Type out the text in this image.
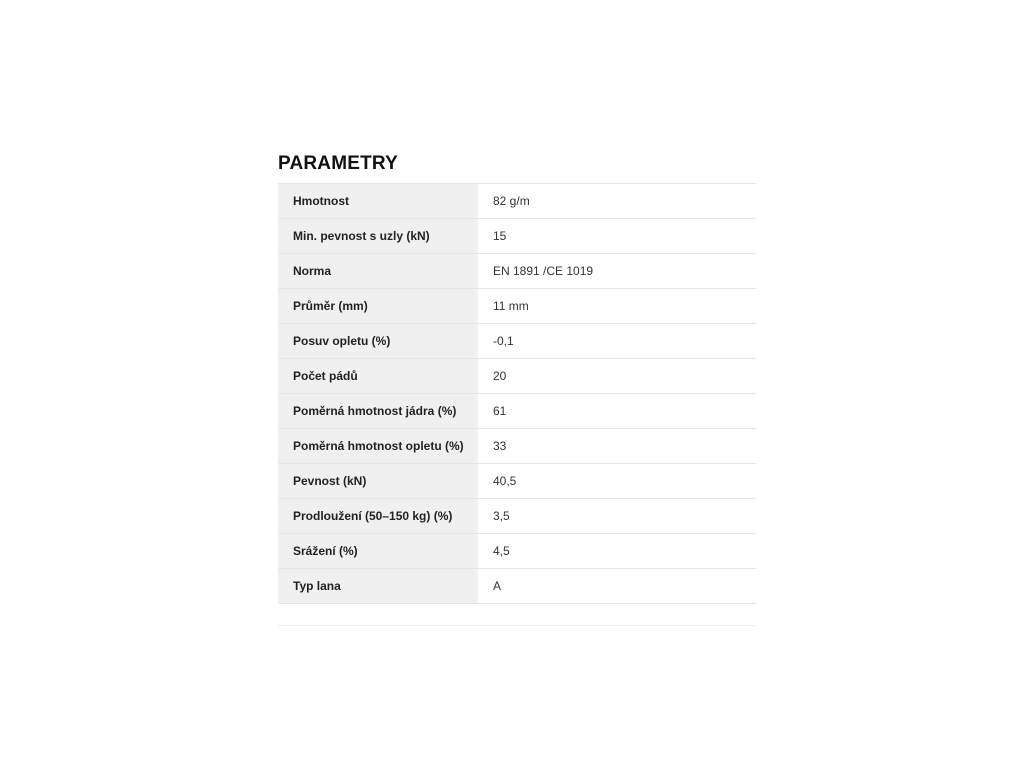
PARAMETRY
Hmotnost	82 g/m
Min. pevnost s uzly (kN)	15
Norma	EN 1891 /CE 1019
Průměr (mm)	11 mm
Posuv opletu (%)	-0,1
Počet pádů	20
Poměrná hmotnost jádra (%)	61
Poměrná hmotnost opletu (%)	33
Pevnost (kN)	40,5
Prodloužení (50–150 kg) (%)	3,5
Srážení (%)	4,5
Typ lana	A
